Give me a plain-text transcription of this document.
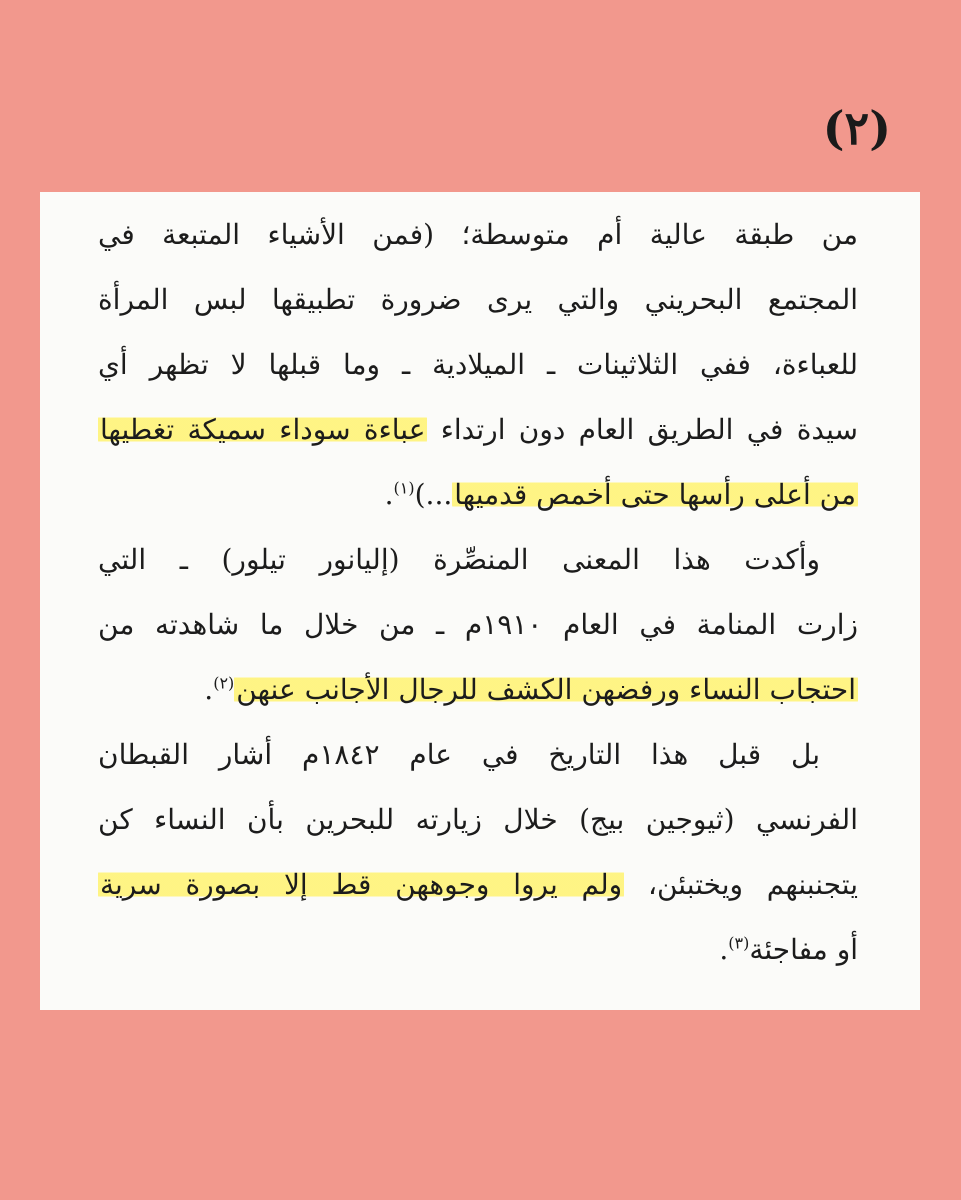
(٢)
من طبقة عالية أم متوسطة؛ (فمن الأشياء المتبعة في
المجتمع البحريني والتي يرى ضرورة تطبيقها لبس المرأة
للعباءة، ففي الثلاثينات ـ الميلادية ـ وما قبلها لا تظهر أي
سيدة في الطريق العام دون ارتداء عباءة سوداء سميكة تغطيها
من أعلى رأسها حتى أخمص قدميها...)$^{(١)}$.
وأكدت هذا المعنى المنصِّرة (إليانور تيلور) ـ التي
زارت المنامة في العام ١٩١٠م ـ من خلال ما شاهدته من
احتجاب النساء ورفضهن الكشف للرجال الأجانب عنهن$^{(٢)}$.
بل قبل هذا التاريخ في عام ١٨٤٢م أشار القبطان
الفرنسي (ثيوجين بيج) خلال زيارته للبحرين بأن النساء كن
يتجنبنهم ويختبئن، ولم يروا وجوههن قط إلا بصورة سرية
أو مفاجئة$^{(٣)}$.
